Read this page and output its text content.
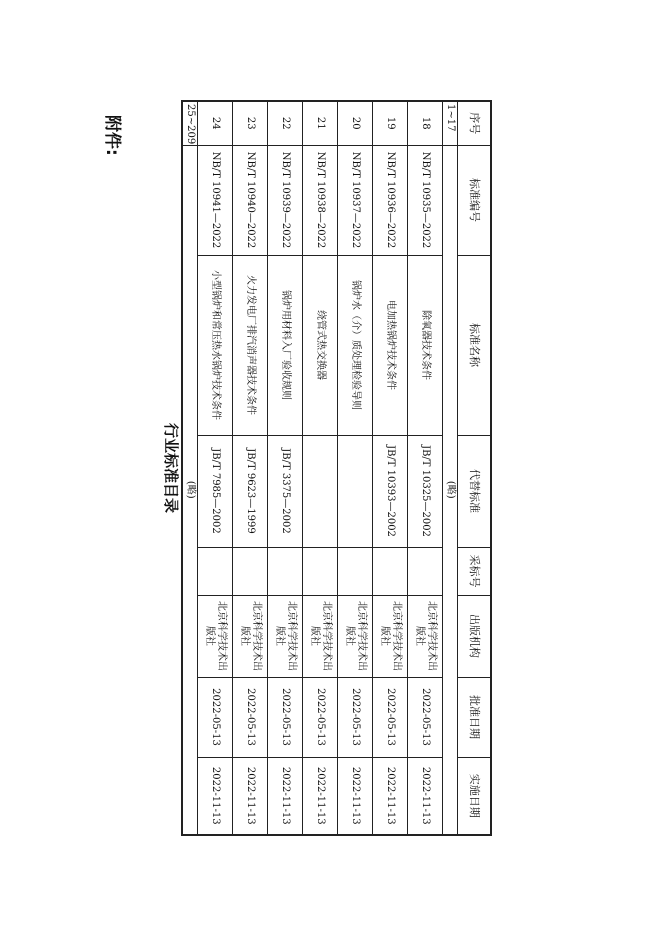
附件:
行业标准目录
序号	标准编号	标准名称	代替标准	采标号	出版机构	批准日期	实施日期
1~17	(略)						
18	NB/T 10935—2022	除氧器技术条件	JB/T 10325—2002		北京科学技术出版社	2022-05-13	2022-11-13
19	NB/T 10936—2022	电加热锅炉技术条件	JB/T 10393—2002		北京科学技术出版社	2022-05-13	2022-11-13
20	NB/T 10937—2022	锅炉水（介）质处理检验导则			北京科学技术出版社	2022-05-13	2022-11-13
21	NB/T 10938—2022	绕管式热交换器			北京科学技术出版社	2022-05-13	2022-11-13
22	NB/T 10939—2022	锅炉用材料入厂验收规则	JB/T 3375—2002		北京科学技术出版社	2022-05-13	2022-11-13
23	NB/T 10940—2022	火力发电厂排汽消声器技术条件	JB/T 9623—1999		北京科学技术出版社	2022-05-13	2022-11-13
24	NB/T 10941—2022	小型锅炉和常压热水锅炉技术条件	JB/T 7985—2002		北京科学技术出版社	2022-05-13	2022-11-13
25~209	(略)						
